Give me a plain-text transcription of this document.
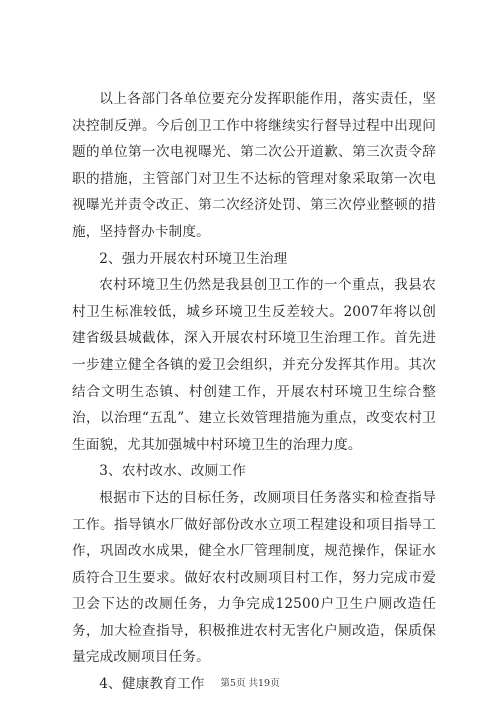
以上各部门各单位要充分发挥职能作用，落实责任，坚决控制反弹。今后创卫工作中将继续实行督导过程中出现问题的单位第一次电视曝光、第二次公开道歉、第三次责令辞职的措施，主管部门对卫生不达标的管理对象采取第一次电视曝光并责令改正、第二次经济处罚、第三次停业整顿的措施，坚持督办卡制度。

2、强力开展农村环境卫生治理

农村环境卫生仍然是我县创卫工作的一个重点，我县农村卫生标准较低，城乡环境卫生反差较大。2007年将以创建省级县城截体，深入开展农村环境卫生治理工作。首先进一步建立健全各镇的爱卫会组织，并充分发挥其作用。其次结合文明生态镇、村创建工作，开展农村环境卫生综合整治，以治理“五乱”、建立长效管理措施为重点，改变农村卫生面貌，尤其加强城中村环境卫生的治理力度。

3、农村改水、改厕工作

根据市下达的目标任务，改厕项目任务落实和检查指导工作。指导镇水厂做好部份改水立项工程建设和项目指导工作，巩固改水成果，健全水厂管理制度，规范操作，保证水质符合卫生要求。做好农村改厕项目村工作，努力完成市爱卫会下达的改厕任务，力争完成12500户卫生户厕改造任务，加大检查指导，积极推进农村无害化户厕改造，保质保量完成改厕项目任务。

4、健康教育工作	第5页 共19页
